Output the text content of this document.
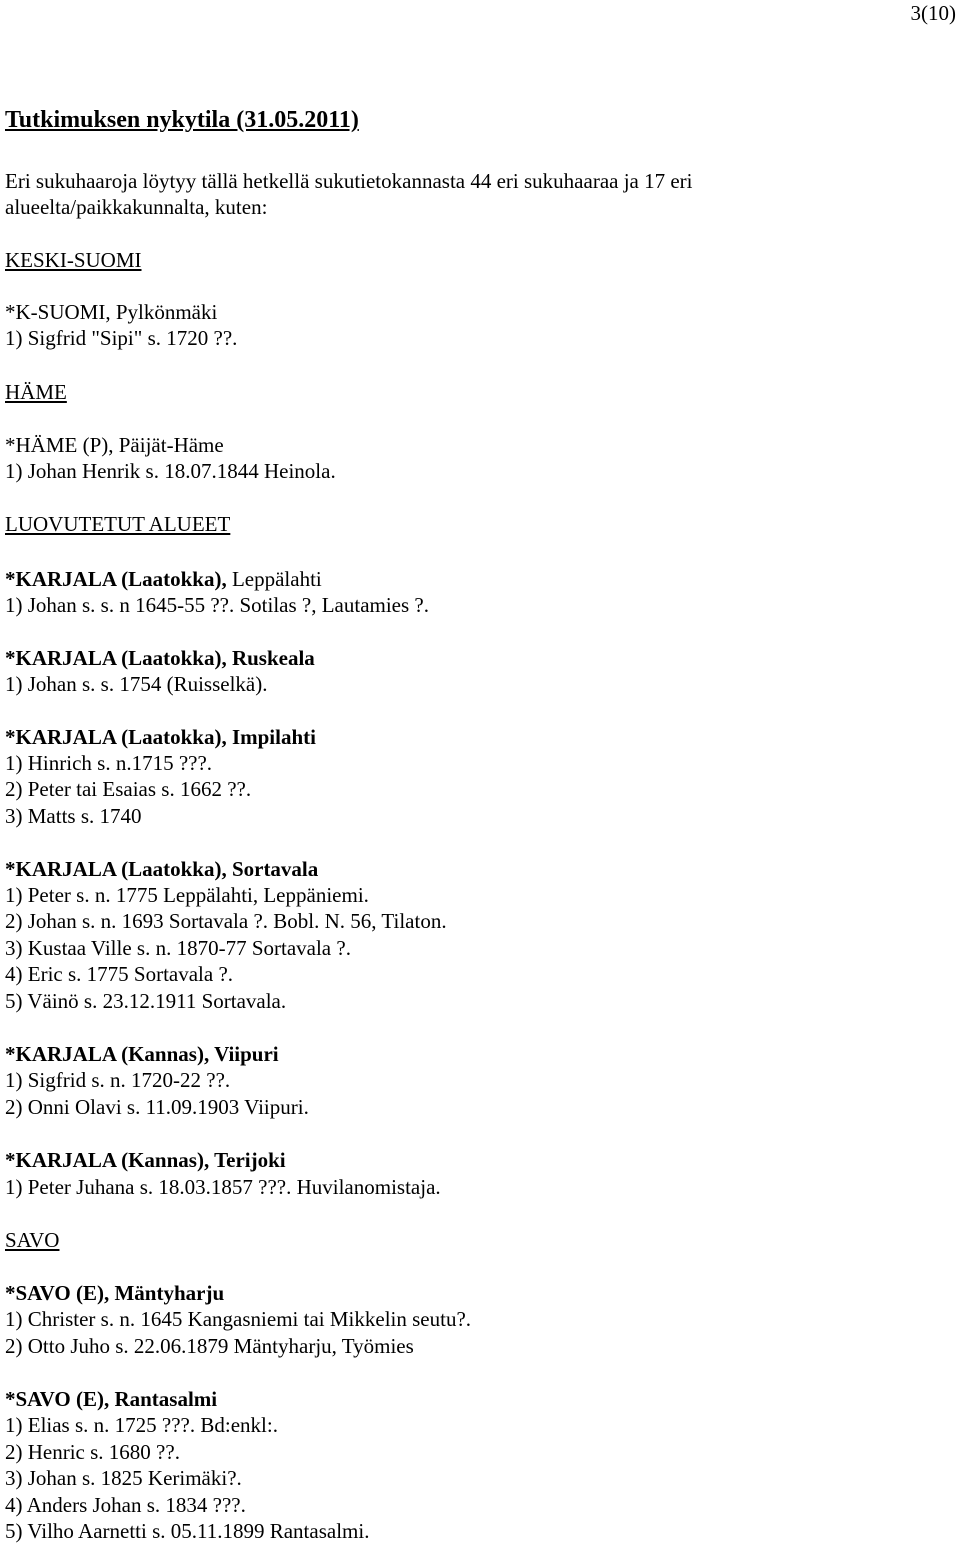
3(10)
Tutkimuksen nykytila (31.05.2011)
Eri sukuhaaroja löytyy tällä hetkellä sukutietokannasta 44 eri sukuhaaraa ja 17 eri
alueelta/paikkakunnalta, kuten:
KESKI-SUOMI
*K-SUOMI, Pylkönmäki
1) Sigfrid "Sipi" s. 1720 ??.
HÄME
*HÄME (P), Päijät-Häme
1) Johan Henrik s. 18.07.1844 Heinola.
LUOVUTETUT ALUEET
*KARJALA (Laatokka), Leppälahti
1) Johan s. s. n 1645-55 ??. Sotilas ?, Lautamies ?.
*KARJALA (Laatokka), Ruskeala
1) Johan s. s. 1754 (Ruisselkä).
*KARJALA (Laatokka), Impilahti
1) Hinrich s. n.1715 ???.
2) Peter tai Esaias s. 1662 ??.
3) Matts s. 1740
*KARJALA (Laatokka), Sortavala
1) Peter s. n. 1775 Leppälahti, Leppäniemi.
2) Johan s. n. 1693 Sortavala ?. Bobl. N. 56, Tilaton.
3) Kustaa Ville s. n. 1870-77 Sortavala ?.
4) Eric s. 1775 Sortavala ?.
5) Väinö s. 23.12.1911 Sortavala.
*KARJALA (Kannas), Viipuri
1) Sigfrid s. n. 1720-22 ??.
2) Onni Olavi s. 11.09.1903 Viipuri.
*KARJALA (Kannas), Terijoki
1) Peter Juhana s. 18.03.1857 ???. Huvilanomistaja.
SAVO
*SAVO (E), Mäntyharju
1) Christer s. n. 1645 Kangasniemi tai Mikkelin seutu?.
2) Otto Juho s. 22.06.1879 Mäntyharju, Työmies
*SAVO (E), Rantasalmi
1) Elias s. n. 1725 ???. Bd:enkl:.
2) Henric s. 1680 ??.
3) Johan s. 1825 Kerimäki?.
4) Anders Johan s. 1834 ???.
5) Vilho Aarnetti s. 05.11.1899 Rantasalmi.
